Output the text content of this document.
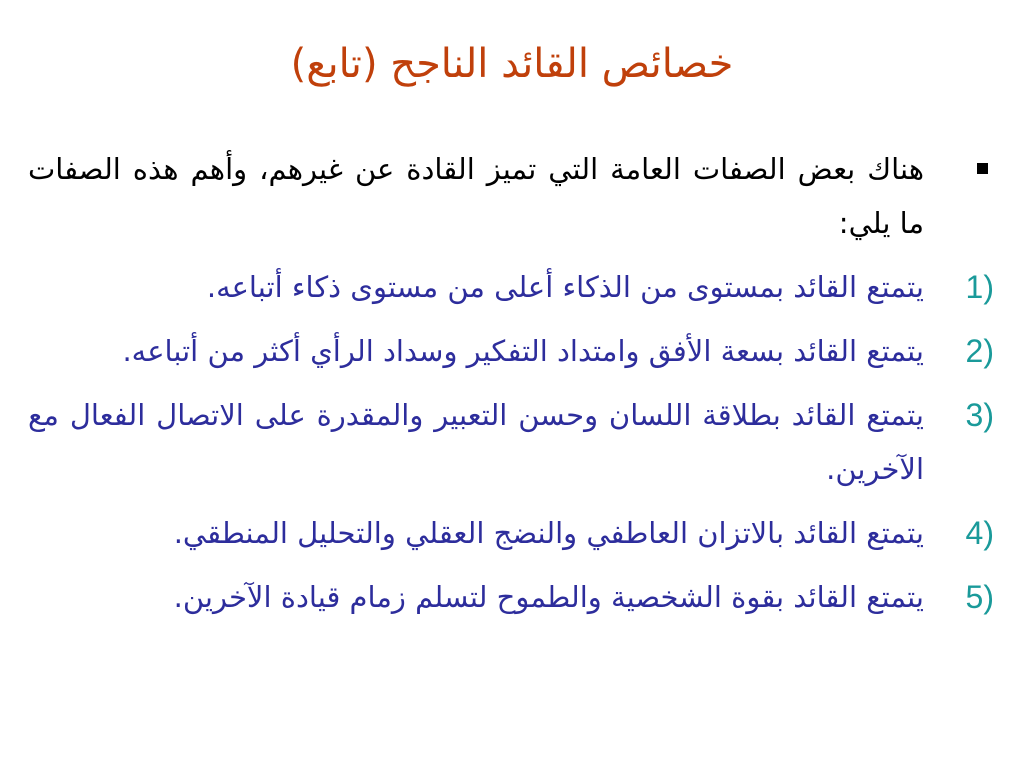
خصائص القائد الناجح (تابع)
هناك بعض الصفات العامة التي تميز القادة عن غيرهم، وأهم هذه الصفات ما يلي:
1)
يتمتع القائد بمستوى من الذكاء أعلى من مستوى ذكاء أتباعه.
2)
يتمتع القائد بسعة الأفق وامتداد التفكير وسداد الرأي أكثر من أتباعه.
3)
يتمتع القائد بطلاقة اللسان وحسن التعبير والمقدرة على الاتصال الفعال مع الآخرين.
4)
يتمتع القائد بالاتزان العاطفي والنضج العقلي والتحليل المنطقي.
5)
يتمتع القائد بقوة الشخصية والطموح لتسلم زمام قيادة الآخرين.
